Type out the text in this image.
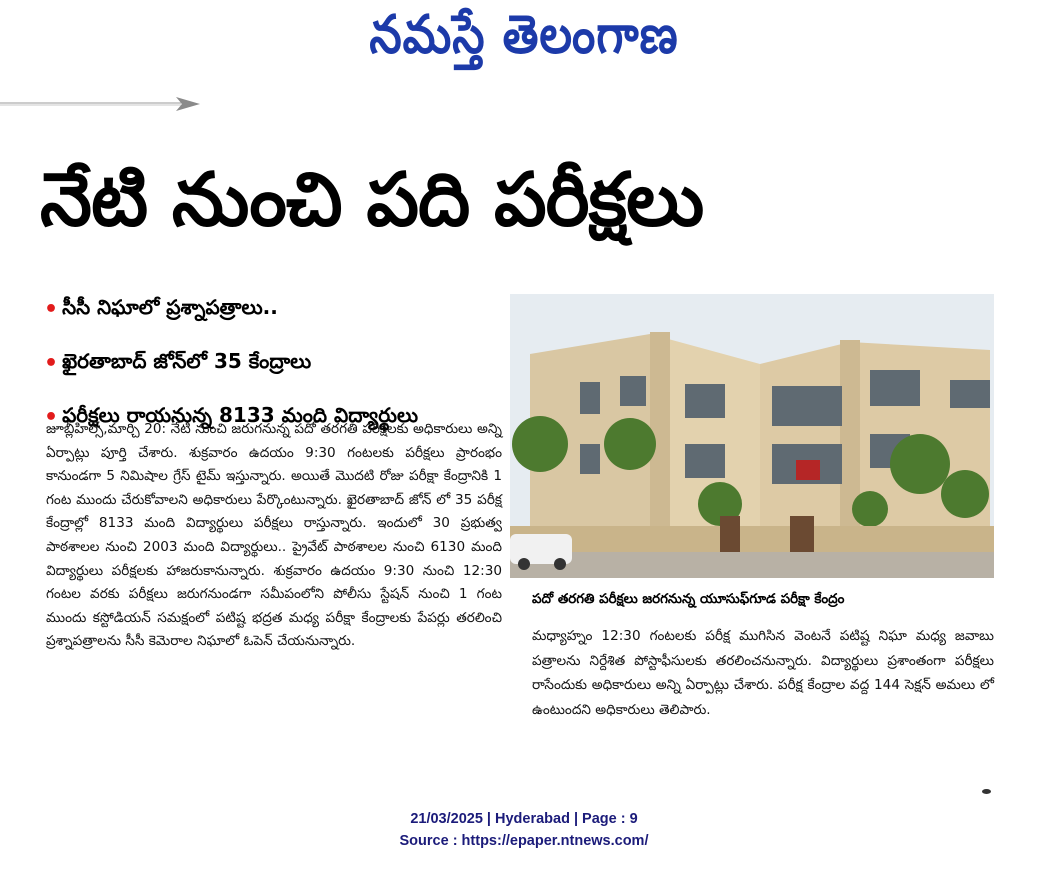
నమస్తే తెలంగాణ
నేటి నుంచి పది పరీక్షలు
• సీసీ నిఘాలో ప్రశ్నాపత్రాలు..
• ఖైరతాబాద్ జోన్‌లో 35 కేంద్రాలు
• పరీక్షలు రాయనున్న 8133 మంది విద్యార్థులు

జూబ్లీహిల్స్,మార్చి 20: నేటి నుంచి జరుగనున్న పదో తరగతి పరీక్షలకు అధికారులు అన్ని ఏర్పాట్లు పూర్తి చేశారు. శుక్రవారం ఉదయం 9:30 గంటలకు పరీక్షలు ప్రారంభం కానుండగా 5 నిమిషాల గ్రేస్ టైమ్ ఇస్తున్నారు. అయితే మొదటి రోజు పరీక్షా కేంద్రానికి 1 గంట ముందు చేరుకోవాలని అధికారులు పేర్కొంటున్నారు. ఖైరతాబాద్ జోన్ లో 35 పరీక్ష కేంద్రాల్లో 8133 మంది విద్యార్థులు పరీక్షలు రాస్తున్నారు. ఇందులో 30 ప్రభుత్వ పాఠశాలల నుంచి 2003 మంది విద్యార్థులు.. ప్రైవేట్ పాఠశాలల నుంచి 6130 మంది విద్యార్థులు పరీక్షలకు హాజరుకానున్నారు. శుక్రవారం ఉదయం 9:30 నుంచి 12:30 గంటల వరకు పరీక్షలు జరుగనుండగా సమీపంలోని పోలీసు స్టేషన్ నుంచి 1 గంట ముందు కస్టోడియన్ సమక్షంలో పటిష్ట భద్రత మధ్య పరీక్షా కేంద్రాలకు పేపర్లు తరలించి ప్రశ్నాపత్రాలను సీసీ కెమెరాల నిఘాలో ఓపెన్ చేయనున్నారు.

పదో తరగతి పరీక్షలు జరగనున్న యూసుఫ్‌గూడ పరీక్షా కేంద్రం

మధ్యాహ్నం 12:30 గంటలకు పరీక్ష ముగిసిన వెంటనే పటిష్ట నిఘా మధ్య జవాబు పత్రాలను నిర్దేశిత పోస్టాఫీసులకు తరలించనున్నారు. విద్యార్థులు ప్రశాంతంగా పరీక్షలు రాసేందుకు అధికారులు అన్ని ఏర్పాట్లు చేశారు. పరీక్ష కేంద్రాల వద్ద 144 సెక్షన్ అమలు లో ఉంటుందని అధికారులు తెలిపారు.

21/03/2025 | Hyderabad | Page : 9
Source : https://epaper.ntnews.com/
